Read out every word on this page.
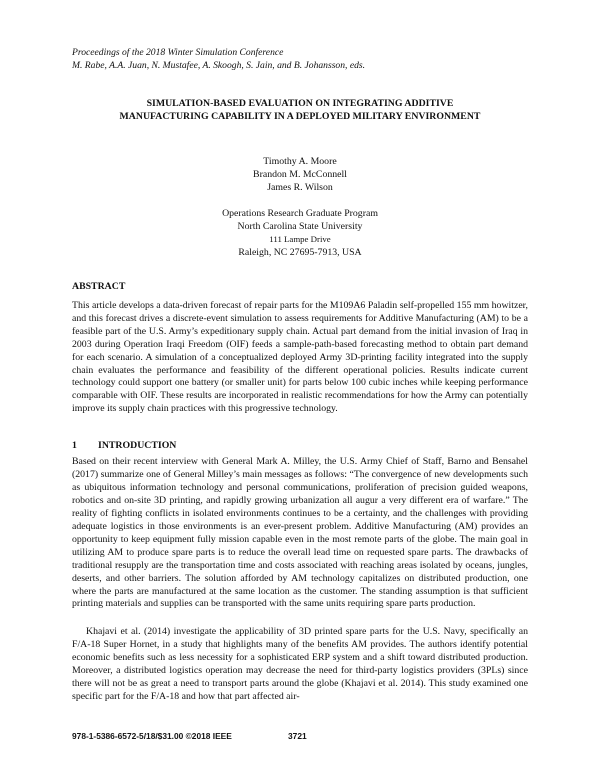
Proceedings of the 2018 Winter Simulation Conference
M. Rabe, A.A. Juan, N. Mustafee, A. Skoogh, S. Jain, and B. Johansson, eds.
SIMULATION-BASED EVALUATION ON INTEGRATING ADDITIVE
MANUFACTURING CAPABILITY IN A DEPLOYED MILITARY ENVIRONMENT
Timothy A. Moore
Brandon M. McConnell
James R. Wilson
Operations Research Graduate Program
North Carolina State University
111 Lampe Drive
Raleigh, NC 27695-7913, USA
ABSTRACT
This article develops a data-driven forecast of repair parts for the M109A6 Paladin self-propelled 155 mm howitzer, and this forecast drives a discrete-event simulation to assess requirements for Additive Manufacturing (AM) to be a feasible part of the U.S. Army’s expeditionary supply chain. Actual part demand from the initial invasion of Iraq in 2003 during Operation Iraqi Freedom (OIF) feeds a sample-path-based forecasting method to obtain part demand for each scenario. A simulation of a conceptualized deployed Army 3D-printing facility integrated into the supply chain evaluates the performance and feasibility of the different operational policies. Results indicate current technology could support one battery (or smaller unit) for parts below 100 cubic inches while keeping performance comparable with OIF. These results are incorporated in realistic recommendations for how the Army can potentially improve its supply chain practices with this progressive technology.
1 INTRODUCTION
Based on their recent interview with General Mark A. Milley, the U.S. Army Chief of Staff, Barno and Bensahel (2017) summarize one of General Milley’s main messages as follows: “The convergence of new developments such as ubiquitous information technology and personal communications, proliferation of precision guided weapons, robotics and on-site 3D printing, and rapidly growing urbanization all augur a very different era of warfare.” The reality of fighting conflicts in isolated environments continues to be a certainty, and the challenges with providing adequate logistics in those environments is an ever-present problem. Additive Manufacturing (AM) provides an opportunity to keep equipment fully mission capable even in the most remote parts of the globe. The main goal in utilizing AM to produce spare parts is to reduce the overall lead time on requested spare parts. The drawbacks of traditional resupply are the transportation time and costs associated with reaching areas isolated by oceans, jungles, deserts, and other barriers. The solution afforded by AM technology capitalizes on distributed production, one where the parts are manufactured at the same location as the customer. The standing assumption is that sufficient printing materials and supplies can be transported with the same units requiring spare parts production.
Khajavi et al. (2014) investigate the applicability of 3D printed spare parts for the U.S. Navy, specifically an F/A-18 Super Hornet, in a study that highlights many of the benefits AM provides. The authors identify potential economic benefits such as less necessity for a sophisticated ERP system and a shift toward distributed production. Moreover, a distributed logistics operation may decrease the need for third-party logistics providers (3PLs) since there will not be as great a need to transport parts around the globe (Khajavi et al. 2014). This study examined one specific part for the F/A-18 and how that part affected air-
978-1-5386-6572-5/18/$31.00 ©2018 IEEE	3721
